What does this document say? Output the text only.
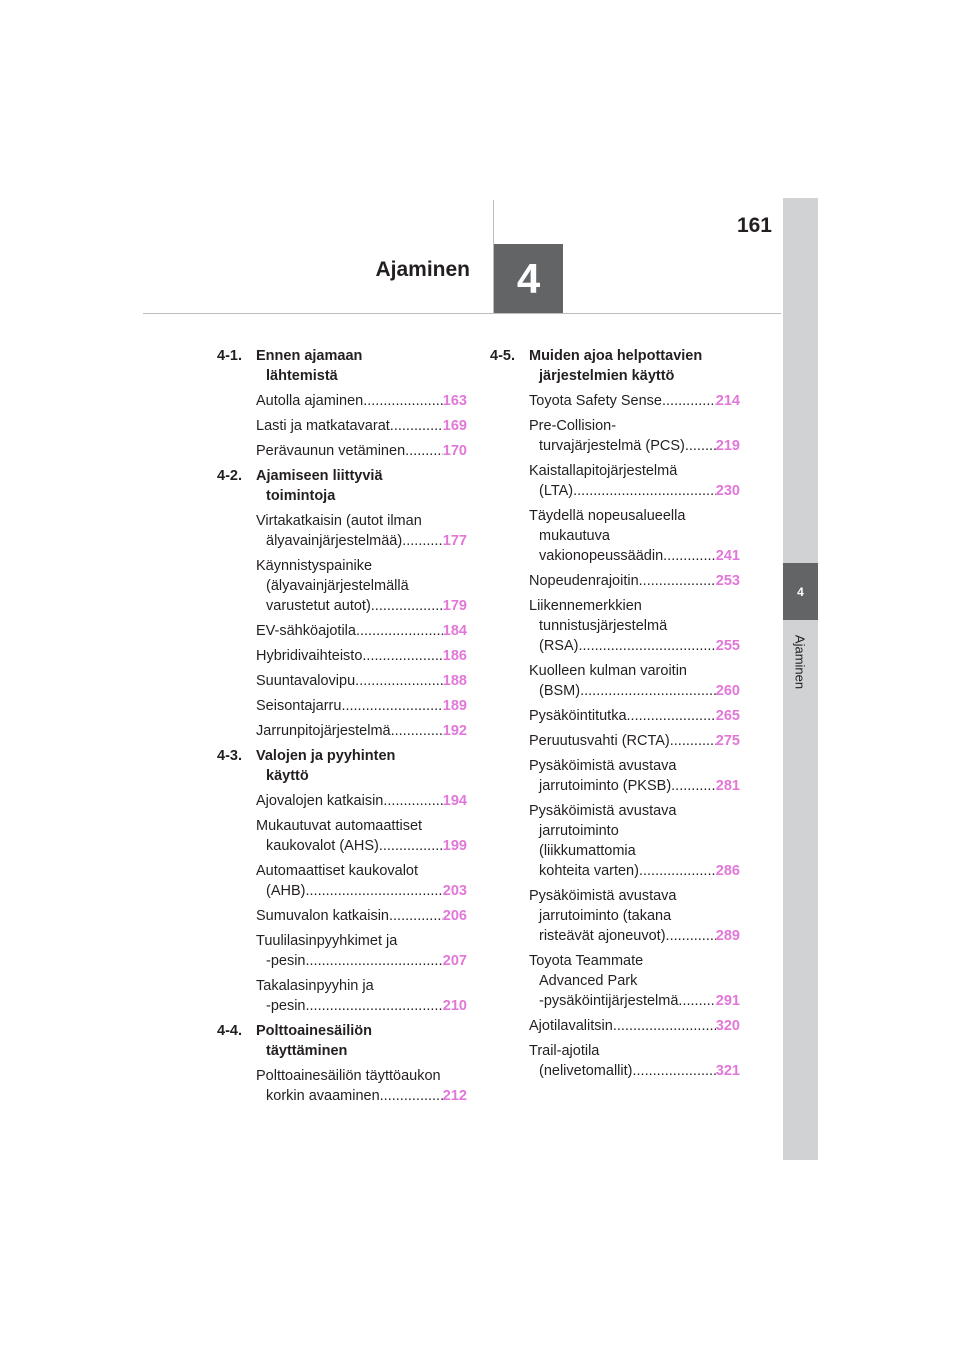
161
Ajaminen 4
4
Ajaminen
4-1. Ennen ajamaan
lähtemistä
Autolla ajaminen .....	163
Lasti ja matkatavarat .....	169
Perävaunun vetäminen .....	170
4-2. Ajamiseen liittyviä
toimintoja
Virtakatkaisin (autot ilman
älyavainjärjestelmää) .....	177
Käynnistyspainike
(älyavainjärjestelmällä
varustetut autot) .....	179
EV-sähköajotila .....	184
Hybridivaihteisto .....	186
Suuntavalovipu .....	188
Seisontajarru .....	189
Jarrunpitojärjestelmä .....	192
4-3. Valojen ja pyyhinten
käyttö
Ajovalojen katkaisin .....	194
Mukautuvat automaattiset
kaukovalot (AHS) .....	199
Automaattiset kaukovalot
(AHB) .....	203
Sumuvalon katkaisin .....	206
Tuulilasinpyyhkimet ja
-pesin .....	207
Takalasinpyyhin ja
-pesin .....	210
4-4. Polttoainesäiliön
täyttäminen
Polttoainesäiliön täyttöaukon
korkin avaaminen .....	212
4-5. Muiden ajoa helpottavien
järjestelmien käyttö
Toyota Safety Sense .....	214
Pre-Collision-
turvajärjestelmä (PCS) ..... 219
Kaistallapitojärjestelmä
(LTA) .....	230
Täydellä nopeusalueella
mukautuva
vakionopeussäädin .....	241
Nopeudenrajoitin .....	253
Liikennemerkkien
tunnistusjärjestelmä
(RSA) .....	255
Kuolleen kulman varoitin
(BSM) .....	260
Pysäköintitutka .....	265
Peruutusvahti (RCTA) .....	275
Pysäköimistä avustava
jarrutoiminto (PKSB) .....	281
Pysäköimistä avustava
jarrutoiminto
(liikkumattomia
kohteita varten) .....	286
Pysäköimistä avustava
jarrutoiminto (takana
risteävät ajoneuvot) .....	289
Toyota Teammate
Advanced Park
-pysäköintijärjestelmä .....	291
Ajotilavalitsin .....	320
Trail-ajotila
(nelivetomallit) .....	321
